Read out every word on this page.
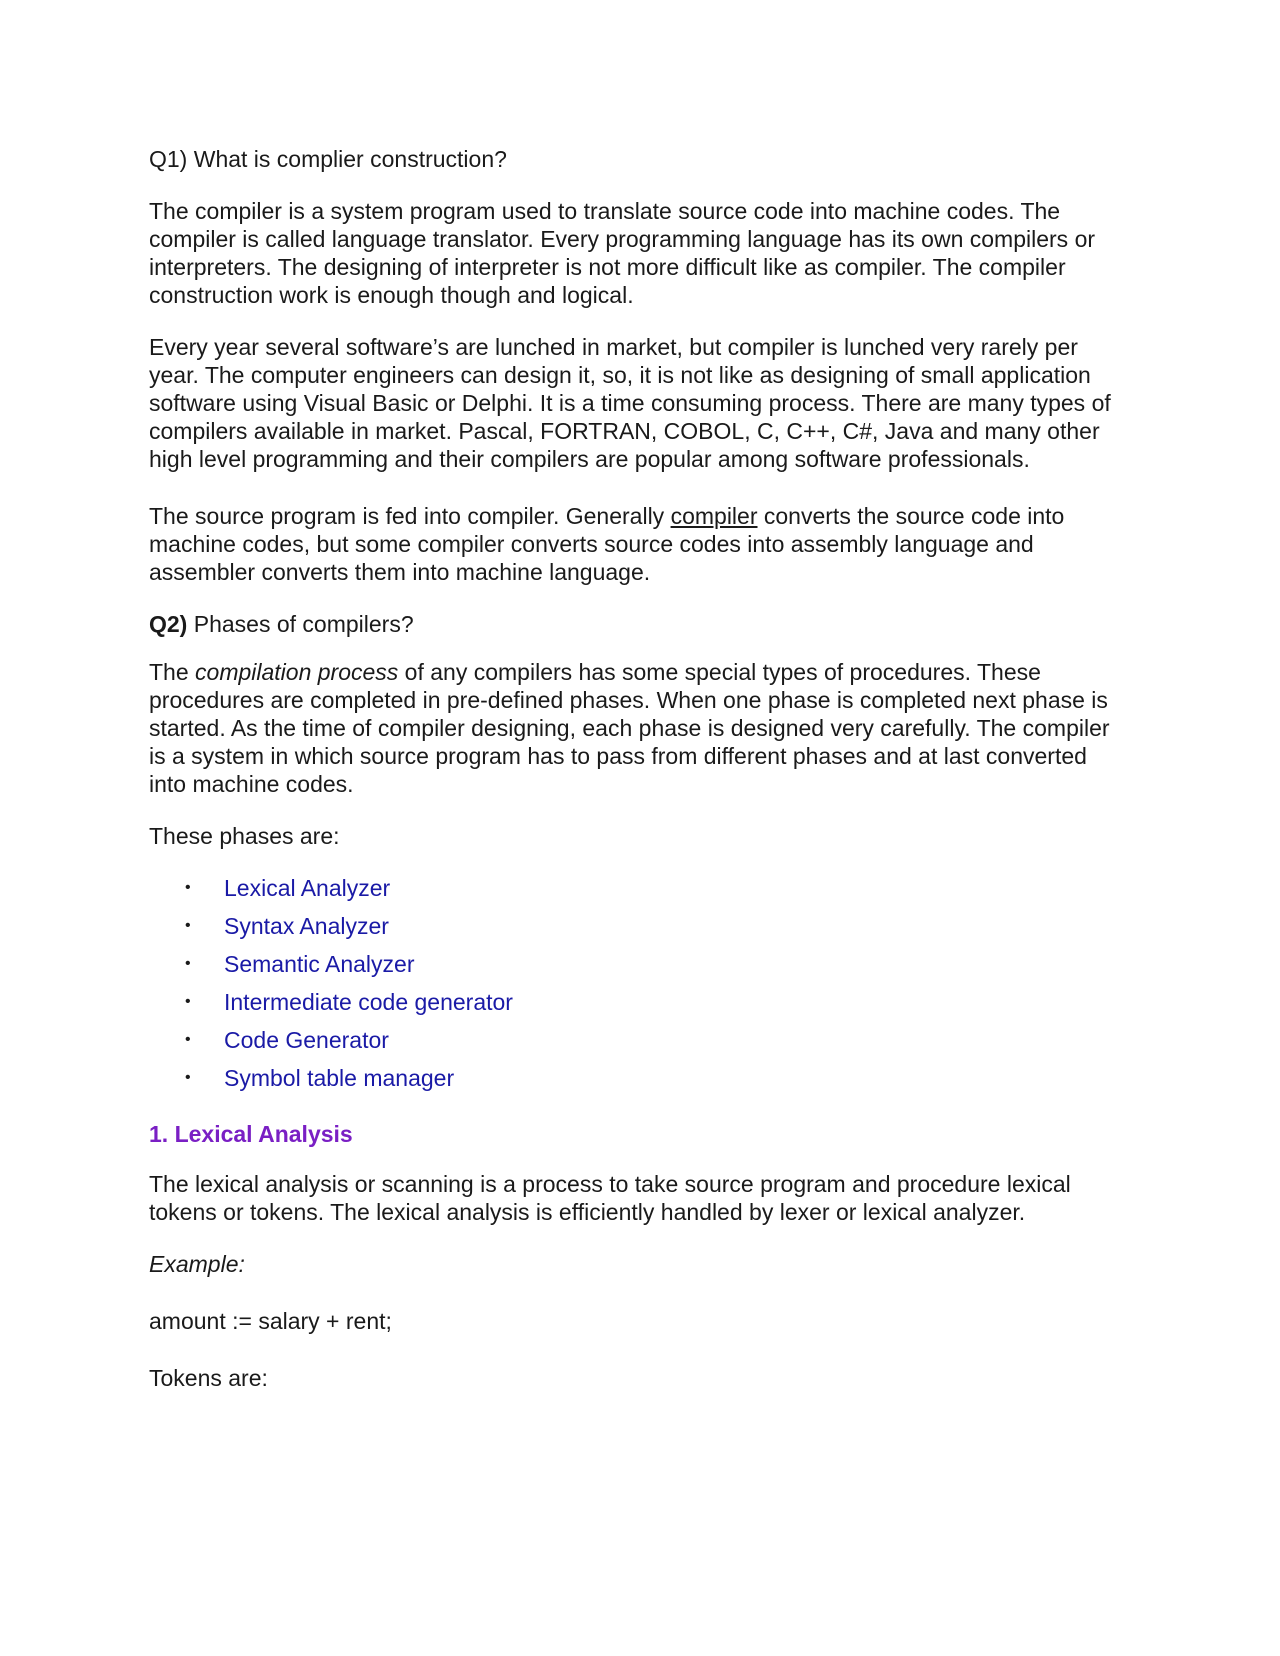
Q1) What is complier construction?

The compiler is a system program used to translate source code into machine codes. The compiler is called language translator. Every programming language has its own compilers or interpreters. The designing of interpreter is not more difficult like as compiler. The compiler construction work is enough though and logical.

Every year several software’s are lunched in market, but compiler is lunched very rarely per year. The computer engineers can design it, so, it is not like as designing of small application software using Visual Basic or Delphi. It is a time consuming process. There are many types of compilers available in market. Pascal, FORTRAN, COBOL, C, C++, C#, Java and many other high level programming and their compilers are popular among software professionals.

The source program is fed into compiler. Generally compiler converts the source code into machine codes, but some compiler converts source codes into assembly language and assembler converts them into machine language.

Q2) Phases of compilers?

The compilation process of any compilers has some special types of procedures. These procedures are completed in pre-defined phases. When one phase is completed next phase is started. As the time of compiler designing, each phase is designed very carefully. The compiler is a system in which source program has to pass from different phases and at last converted into machine codes.

These phases are:

• Lexical Analyzer
• Syntax Analyzer
• Semantic Analyzer
• Intermediate code generator
• Code Generator
• Symbol table manager

1. Lexical Analysis

The lexical analysis or scanning is a process to take source program and procedure lexical tokens or tokens. The lexical analysis is efficiently handled by lexer or lexical analyzer.

Example:

amount := salary + rent;

Tokens are:
